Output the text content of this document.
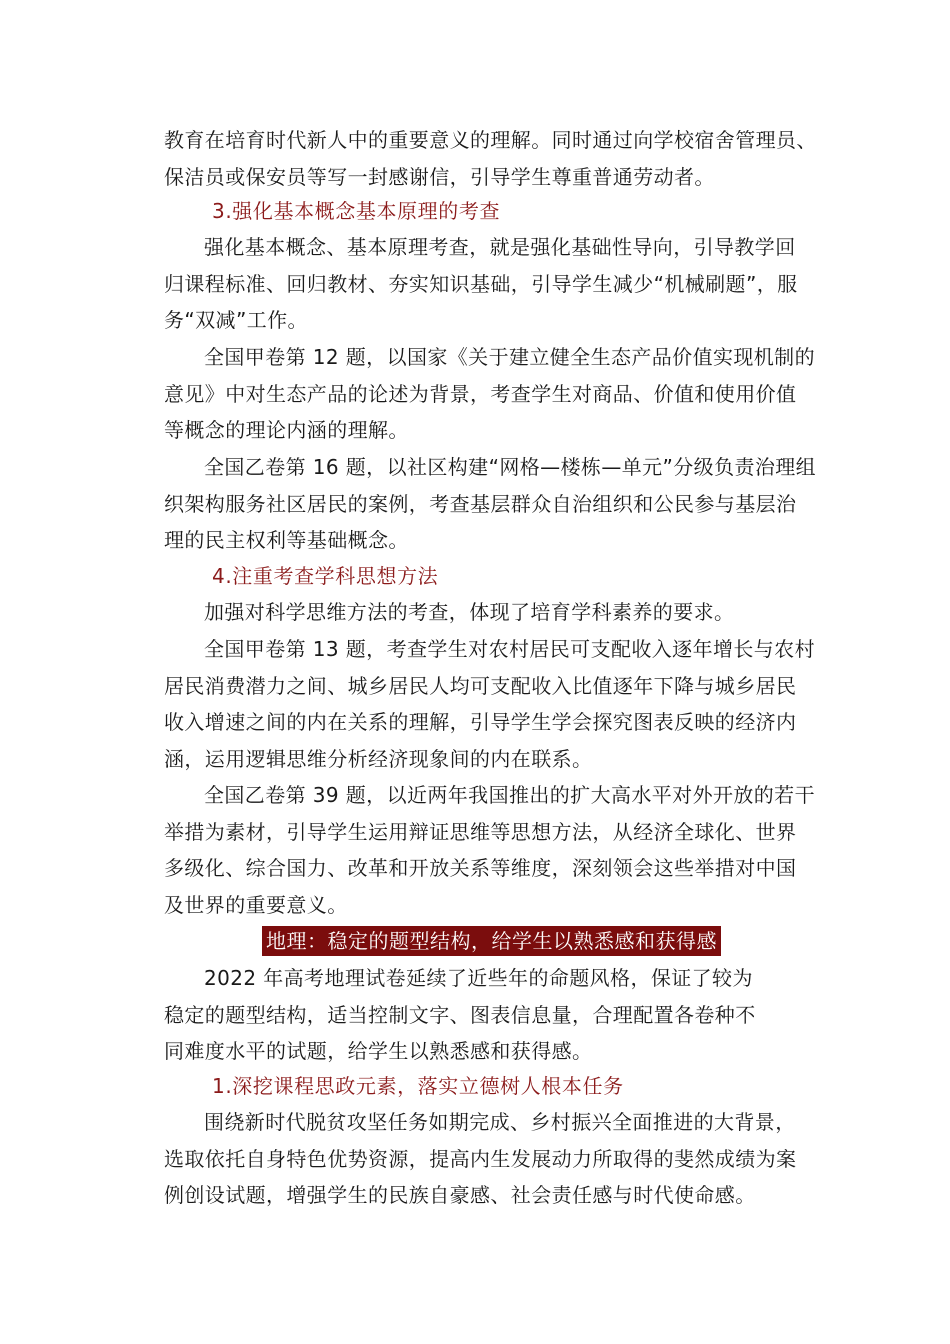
教育在培育时代新人中的重要意义的理解。同时通过向学校宿舍管理员、
保洁员或保安员等写一封感谢信，引导学生尊重普通劳动者。
3.强化基本概念基本原理的考查
强化基本概念、基本原理考查，就是强化基础性导向，引导教学回
归课程标准、回归教材、夯实知识基础，引导学生减少“机械刷题”，服
务“双减”工作。
全国甲卷第 12 题，以国家《关于建立健全生态产品价值实现机制的
意见》中对生态产品的论述为背景，考查学生对商品、价值和使用价值
等概念的理论内涵的理解。
全国乙卷第 16 题，以社区构建“网格—楼栋—单元”分级负责治理组
织架构服务社区居民的案例，考查基层群众自治组织和公民参与基层治
理的民主权利等基础概念。
4.注重考查学科思想方法
加强对科学思维方法的考查，体现了培育学科素养的要求。
全国甲卷第 13 题，考查学生对农村居民可支配收入逐年增长与农村
居民消费潜力之间、城乡居民人均可支配收入比值逐年下降与城乡居民
收入增速之间的内在关系的理解，引导学生学会探究图表反映的经济内
涵，运用逻辑思维分析经济现象间的内在联系。
全国乙卷第 39 题，以近两年我国推出的扩大高水平对外开放的若干
举措为素材，引导学生运用辩证思维等思想方法，从经济全球化、世界
多级化、综合国力、改革和开放关系等维度，深刻领会这些举措对中国
及世界的重要意义。
地理：稳定的题型结构，给学生以熟悉感和获得感
2022 年高考地理试卷延续了近些年的命题风格，保证了较为
稳定的题型结构，适当控制文字、图表信息量，合理配置各卷种不
同难度水平的试题，给学生以熟悉感和获得感。
1.深挖课程思政元素，落实立德树人根本任务
围绕新时代脱贫攻坚任务如期完成、乡村振兴全面推进的大背景，
选取依托自身特色优势资源，提高内生发展动力所取得的斐然成绩为案
例创设试题，增强学生的民族自豪感、社会责任感与时代使命感。
